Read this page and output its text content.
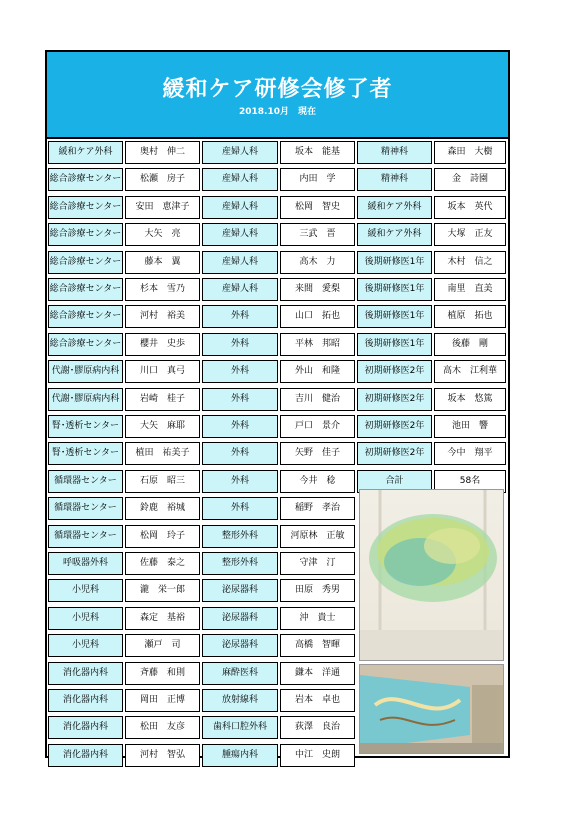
緩和ケア研修会修了者
2018.10月　現在
緩和ケア外科	奥村　伸二	産婦人科	坂本　能基	精神科	森田　大樹
総合診療センター	松瀬　房子	産婦人科	内田　学	精神科	金　詩園
総合診療センター	安田　恵津子	産婦人科	松岡　智史	緩和ケア外科	坂本　英代
総合診療センター	大矢　亮	産婦人科	三武　晋	緩和ケア外科	大塚　正友
総合診療センター	藤本　翼	産婦人科	高木　力	後期研修医1年	木村　信之
総合診療センター	杉本　雪乃	産婦人科	来間　愛梨	後期研修医1年	南里　直美
総合診療センター	河村　裕美	外科	山口　拓也	後期研修医1年	植原　拓也
総合診療センター	櫻井　史歩	外科	平林　邦昭	後期研修医1年	後藤　剛
代謝･膠原病内科	川口　真弓	外科	外山　和隆	初期研修医2年	高木　江利華
代謝･膠原病内科	岩崎　桂子	外科	吉川　健治	初期研修医2年	坂本　悠篤
腎･透析センター	大矢　麻耶	外科	戸口　景介	初期研修医2年	池田　響
腎･透析センター	植田　祐美子	外科	矢野　佳子	初期研修医2年	今中　翔平
循環器センター	石原　昭三	外科	今井　稔	合計	58名
循環器センター	鈴鹿　裕城	外科	稲野　孝治
循環器センター	松岡　玲子	整形外科	河原林　正敏
呼吸器外科	佐藤　泰之	整形外科	守津　汀
小児科	瀧　栄一郎	泌尿器科	田原　秀男
小児科	森定　基裕	泌尿器科	沖　貴士
小児科	瀬戸　司	泌尿器科	高橋　智暉
消化器内科	斉藤　和則	麻酔医科	鎌本　洋通
消化器内科	岡田　正博	放射線科	岩本　卓也
消化器内科	松田　友彦	歯科口腔外科	荻澤　良治
消化器内科	河村　智弘	腫瘍内科	中江　史朗
